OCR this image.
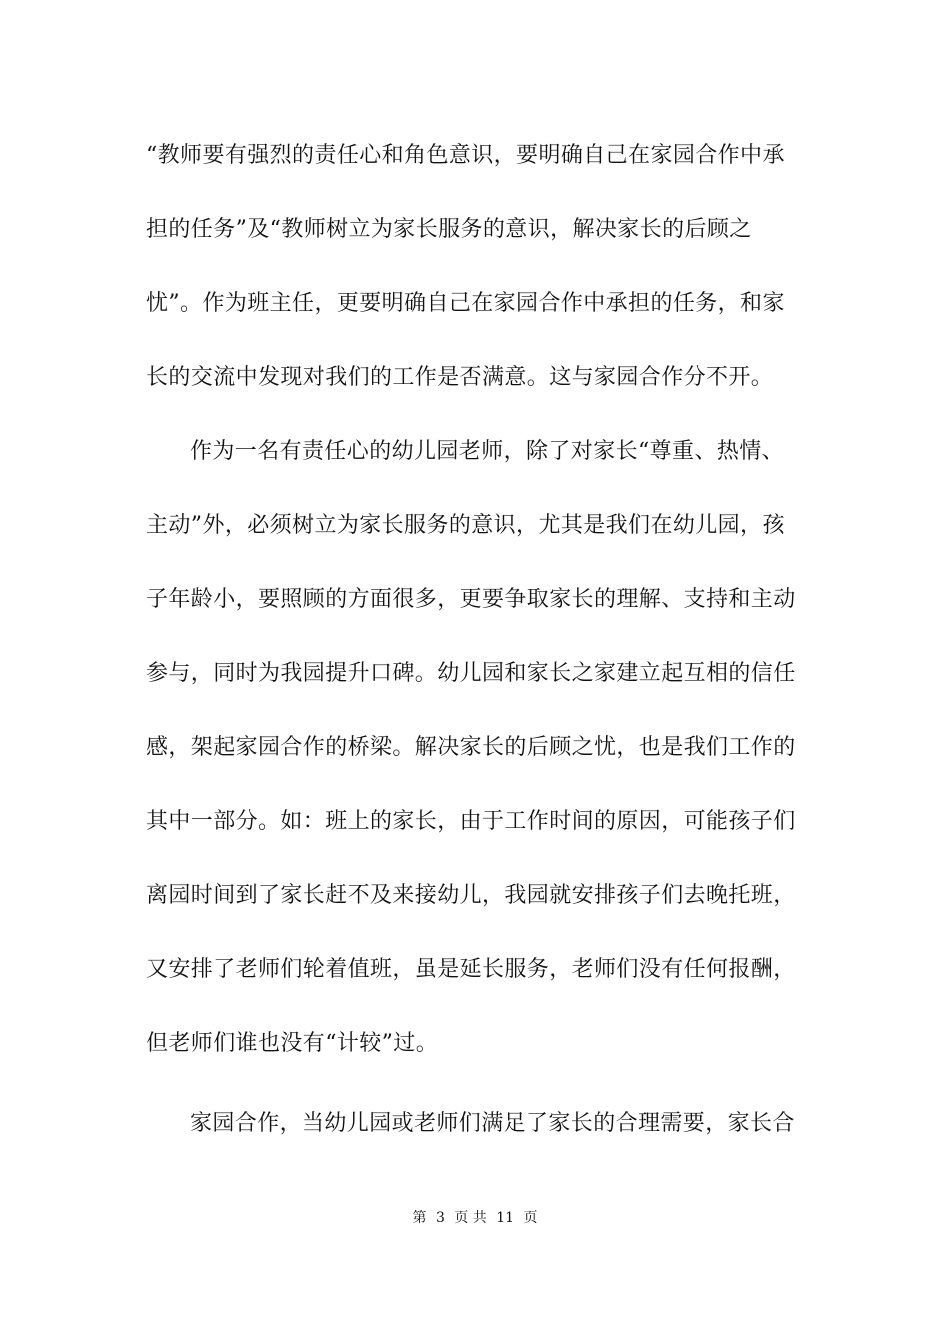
“教师要有强烈的责任心和角色意识，要明确自己在家园合作中承
担的任务”及“教师树立为家长服务的意识，解决家长的后顾之
忧”。作为班主任，更要明确自己在家园合作中承担的任务，和家
长的交流中发现对我们的工作是否满意。这与家园合作分不开。
作为一名有责任心的幼儿园老师，除了对家长“尊重、热情、
主动”外，必须树立为家长服务的意识，尤其是我们在幼儿园，孩
子年龄小，要照顾的方面很多，更要争取家长的理解、支持和主动
参与，同时为我园提升口碑。幼儿园和家长之家建立起互相的信任
感，架起家园合作的桥梁。解决家长的后顾之忧，也是我们工作的
其中一部分。如：班上的家长，由于工作时间的原因，可能孩子们
离园时间到了家长赶不及来接幼儿，我园就安排孩子们去晚托班，
又安排了老师们轮着值班，虽是延长服务，老师们没有任何报酬，
但老师们谁也没有“计较”过。
家园合作，当幼儿园或老师们满足了家长的合理需要，家长合
第 3 页 共 11 页
